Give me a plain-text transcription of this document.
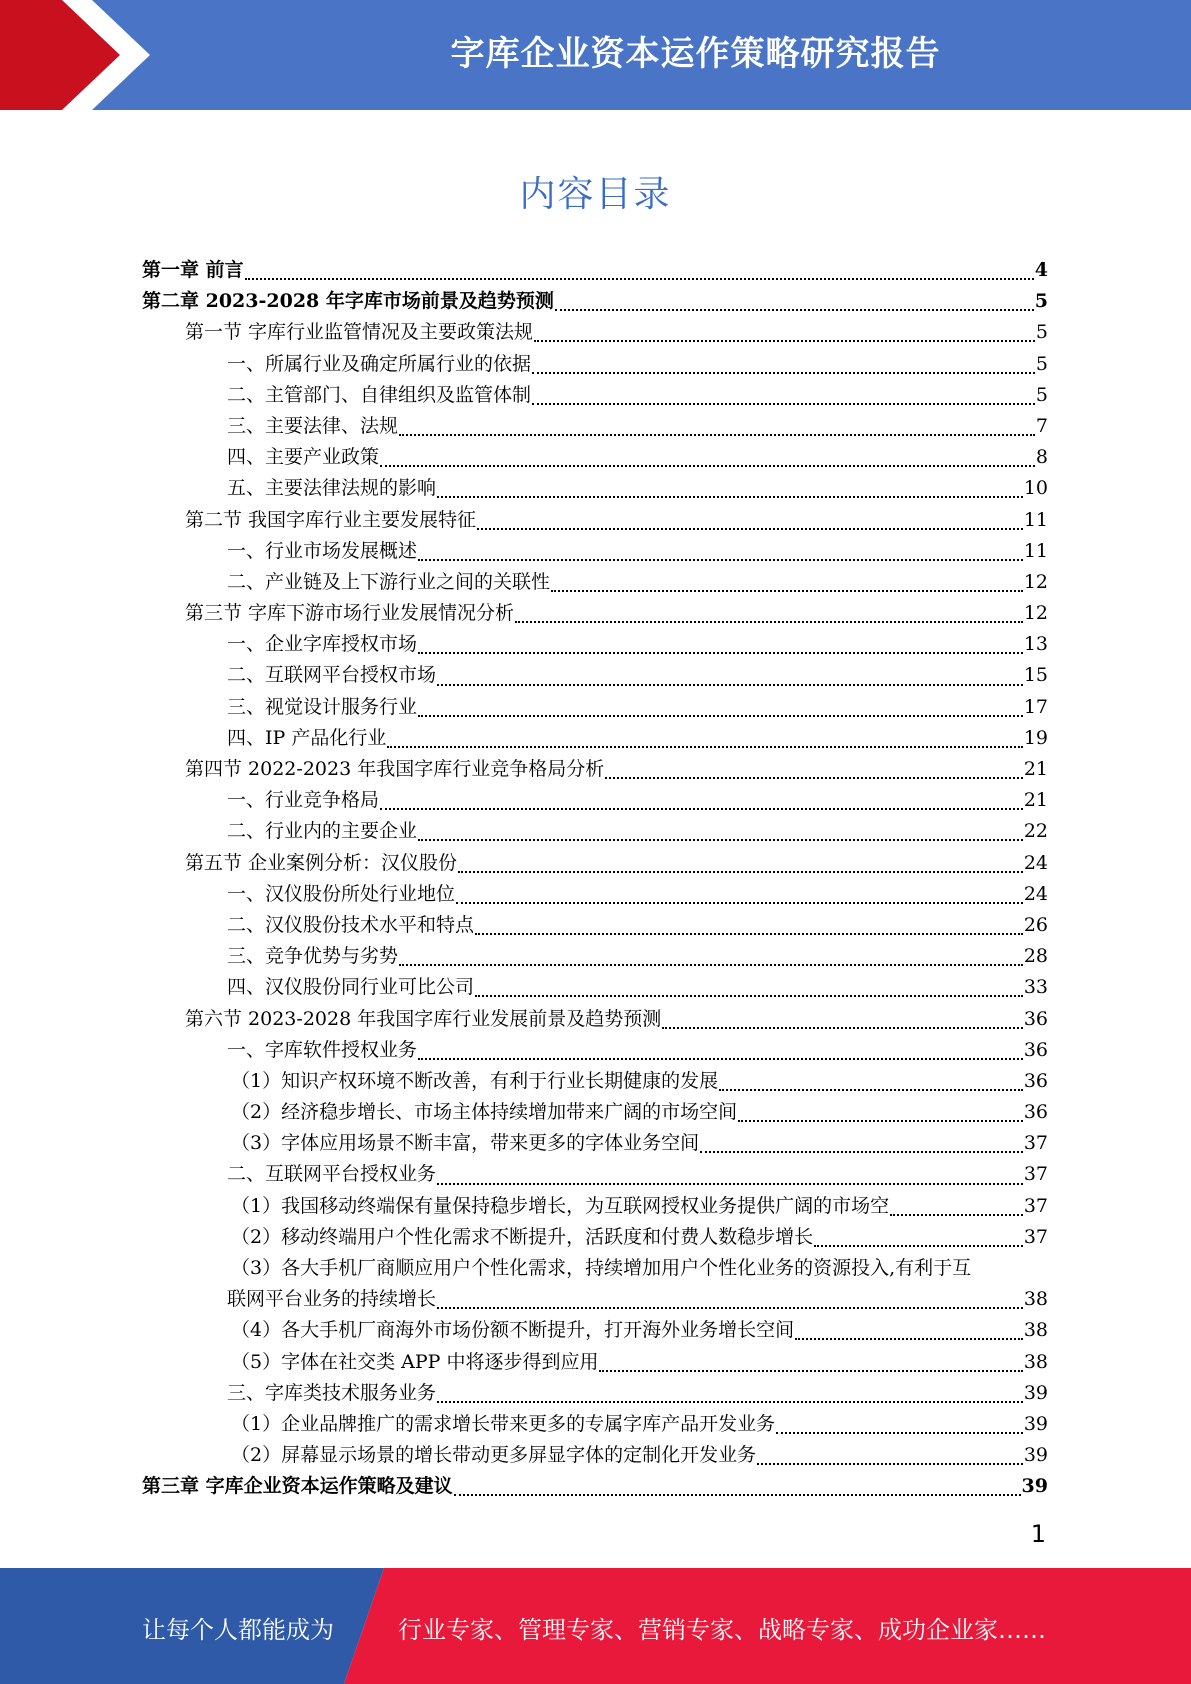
字库企业资本运作策略研究报告
内容目录
第一章 前言	4
第二章 2023-2028 年字库市场前景及趋势预测	5
第一节 字库行业监管情况及主要政策法规	5
一、所属行业及确定所属行业的依据	5
二、主管部门、自律组织及监管体制	5
三、主要法律、法规	7
四、主要产业政策	8
五、主要法律法规的影响	10
第二节 我国字库行业主要发展特征	11
一、行业市场发展概述	11
二、产业链及上下游行业之间的关联性	12
第三节 字库下游市场行业发展情况分析	12
一、企业字库授权市场	13
二、互联网平台授权市场	15
三、视觉设计服务行业	17
四、IP 产品化行业	19
第四节 2022-2023 年我国字库行业竞争格局分析	21
一、行业竞争格局	21
二、行业内的主要企业	22
第五节 企业案例分析：汉仪股份	24
一、汉仪股份所处行业地位	24
二、汉仪股份技术水平和特点	26
三、竞争优势与劣势	28
四、汉仪股份同行业可比公司	33
第六节 2023-2028 年我国字库行业发展前景及趋势预测	36
一、字库软件授权业务	36
（1）知识产权环境不断改善，有利于行业长期健康的发展	36
（2）经济稳步增长、市场主体持续增加带来广阔的市场空间	36
（3）字体应用场景不断丰富，带来更多的字体业务空间	37
二、互联网平台授权业务	37
（1）我国移动终端保有量保持稳步增长，为互联网授权业务提供广阔的市场空	37
（2）移动终端用户个性化需求不断提升，活跃度和付费人数稳步增长	37
（3）各大手机厂商顺应用户个性化需求，持续增加用户个性化业务的资源投入,有利于互
联网平台业务的持续增长	38
（4）各大手机厂商海外市场份额不断提升，打开海外业务增长空间	38
（5）字体在社交类 APP 中将逐步得到应用	38
三、字库类技术服务业务	39
（1）企业品牌推广的需求增长带来更多的专属字库产品开发业务	39
（2）屏幕显示场景的增长带动更多屏显字体的定制化开发业务	39
第三章 字库企业资本运作策略及建议	39
1
让每个人都能成为	行业专家、管理专家、营销专家、战略专家、成功企业家……
